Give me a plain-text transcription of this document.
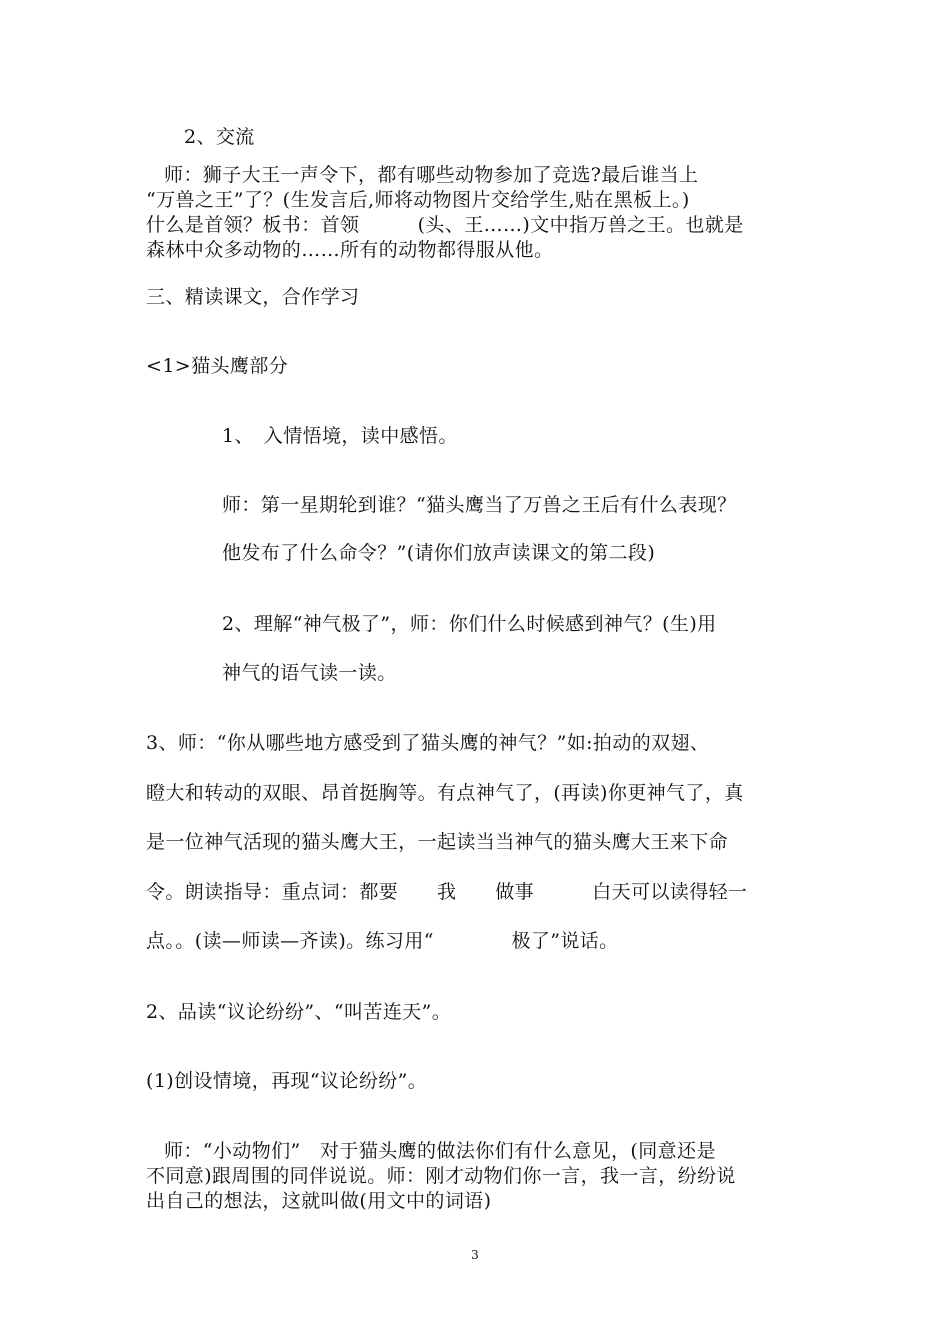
2、交流
师：狮子大王一声令下，都有哪些动物参加了竞选?最后谁当上
“万兽之王”了？(生发言后,师将动物图片交给学生,贴在黑板上。)
什么是首领？板书：首领　　　(头、王……)文中指万兽之王。也就是
森林中众多动物的……所有的动物都得服从他。
三、精读课文，合作学习
<1>猫头鹰部分
1、　入情悟境，读中感悟。
师：第一星期轮到谁？“猫头鹰当了万兽之王后有什么表现？
他发布了什么命令？”(请你们放声读课文的第二段)
2、理解“神气极了”，师：你们什么时候感到神气？(生)用
神气的语气读一读。
3、师：“你从哪些地方感受到了猫头鹰的神气？”如:拍动的双翅、
瞪大和转动的双眼、昂首挺胸等。有点神气了，(再读)你更神气了，真
是一位神气活现的猫头鹰大王，一起读当当神气的猫头鹰大王来下命
令。朗读指导：重点词：都要　　我　　做事　　　白天可以读得轻一
点。。(读—师读—齐读)。练习用“　　　　极了”说话。
2、品读“议论纷纷”、“叫苦连天”。
(1)创设情境，再现“议论纷纷”。
师：“小动物们”　对于猫头鹰的做法你们有什么意见，(同意还是
不同意)跟周围的同伴说说。师：刚才动物们你一言，我一言，纷纷说
出自己的想法，这就叫做(用文中的词语)
3
